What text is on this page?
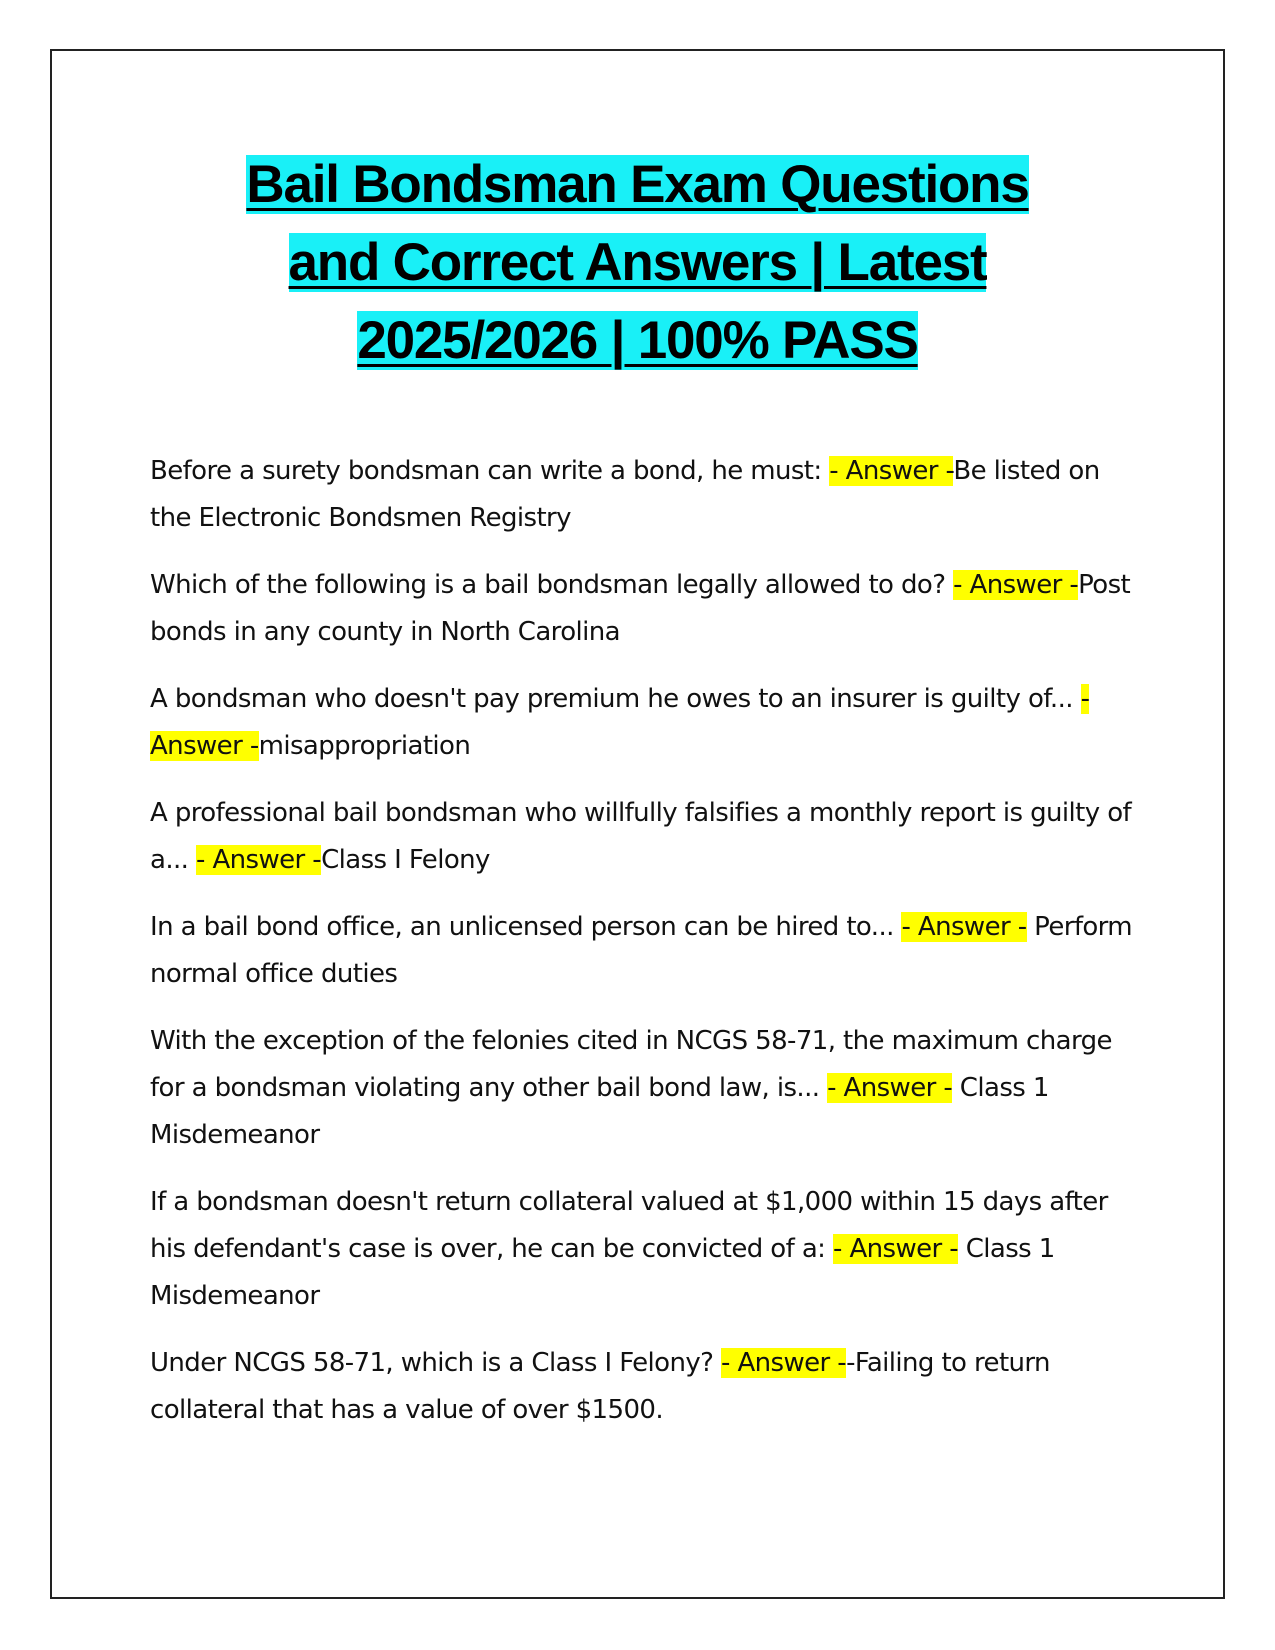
Bail Bondsman Exam Questions
and Correct Answers | Latest
2025/2026 | 100% PASS

Before a surety bondsman can write a bond, he must: - Answer -Be listed on the Electronic Bondsmen Registry

Which of the following is a bail bondsman legally allowed to do? - Answer -Post bonds in any county in North Carolina

A bondsman who doesn't pay premium he owes to an insurer is guilty of... - Answer -misappropriation

A professional bail bondsman who willfully falsifies a monthly report is guilty of a... - Answer -Class I Felony

In a bail bond office, an unlicensed person can be hired to... - Answer - Perform normal office duties

With the exception of the felonies cited in NCGS 58-71, the maximum charge for a bondsman violating any other bail bond law, is... - Answer - Class 1 Misdemeanor

If a bondsman doesn't return collateral valued at $1,000 within 15 days after his defendant's case is over, he can be convicted of a: - Answer - Class 1 Misdemeanor

Under NCGS 58-71, which is a Class I Felony? - Answer --Failing to return collateral that has a value of over $1500.
